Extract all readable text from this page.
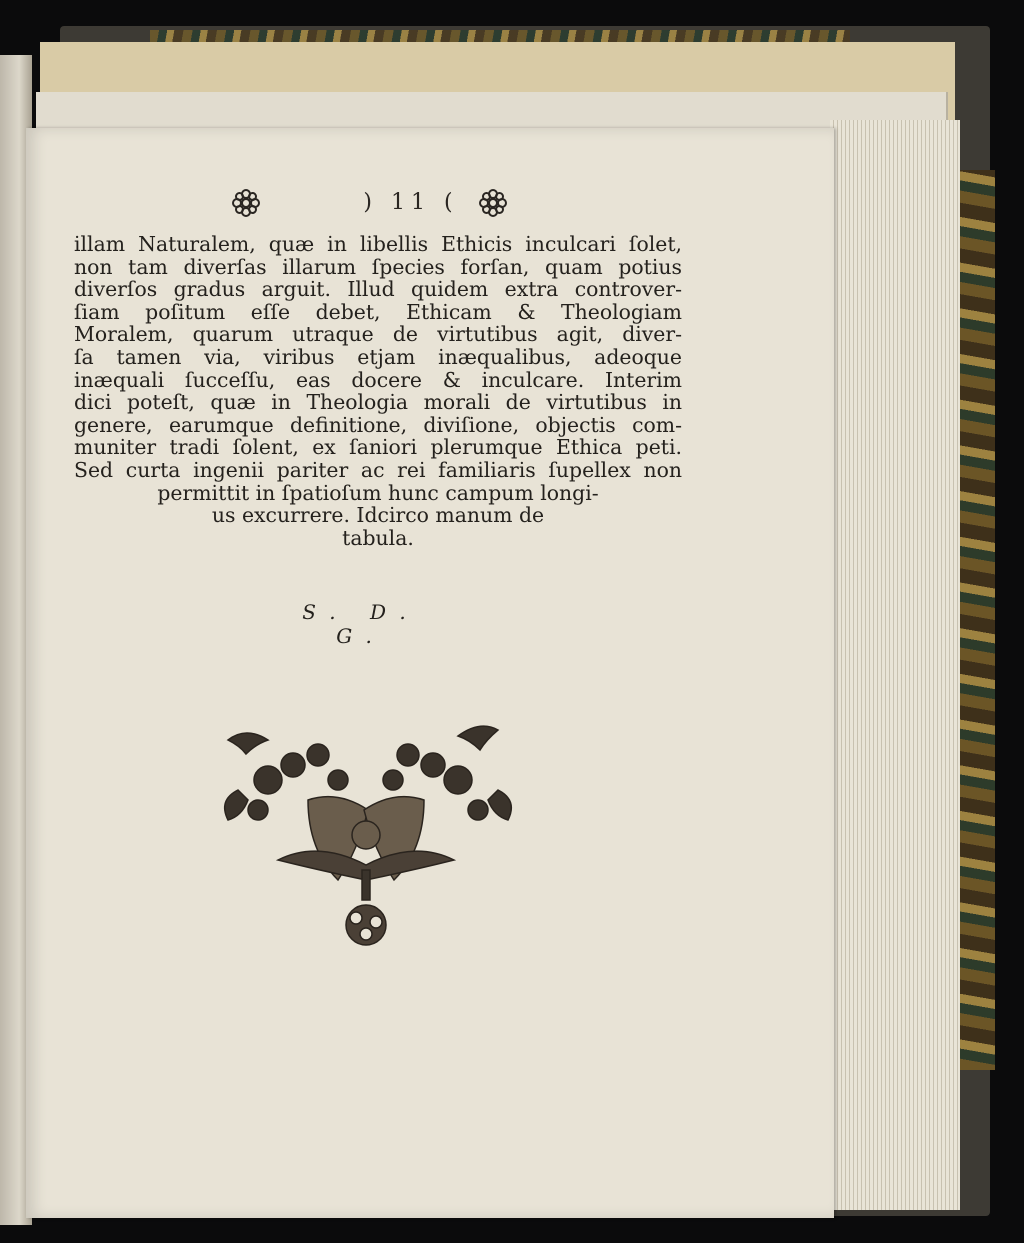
) 11 (
illam Naturalem, quæ in libellis Ethicis inculcari ſolet,
non tam diverſas illarum ſpecies forſan, quam potius
diverſos gradus arguit. Illud quidem extra controver-
ſiam poſitum eſſe debet, Ethicam & Theologiam
Moralem, quarum utraque de virtutibus agit, diver-
ſa tamen via, viribus etjam inæqualibus, adeoque
inæquali ſucceſſu, eas docere & inculcare. Interim
dici poteſt, quæ in Theologia morali de virtutibus in
genere, earumque definitione, diviſione, objectis com-
muniter tradi ſolent, ex ſaniori plerumque Ethica peti.
Sed curta ingenii pariter ac rei familiaris ſupellex non
permittit in ſpatioſum hunc campum longi-
us excurrere. Idcirco manum de
tabula.
S. D. G.
